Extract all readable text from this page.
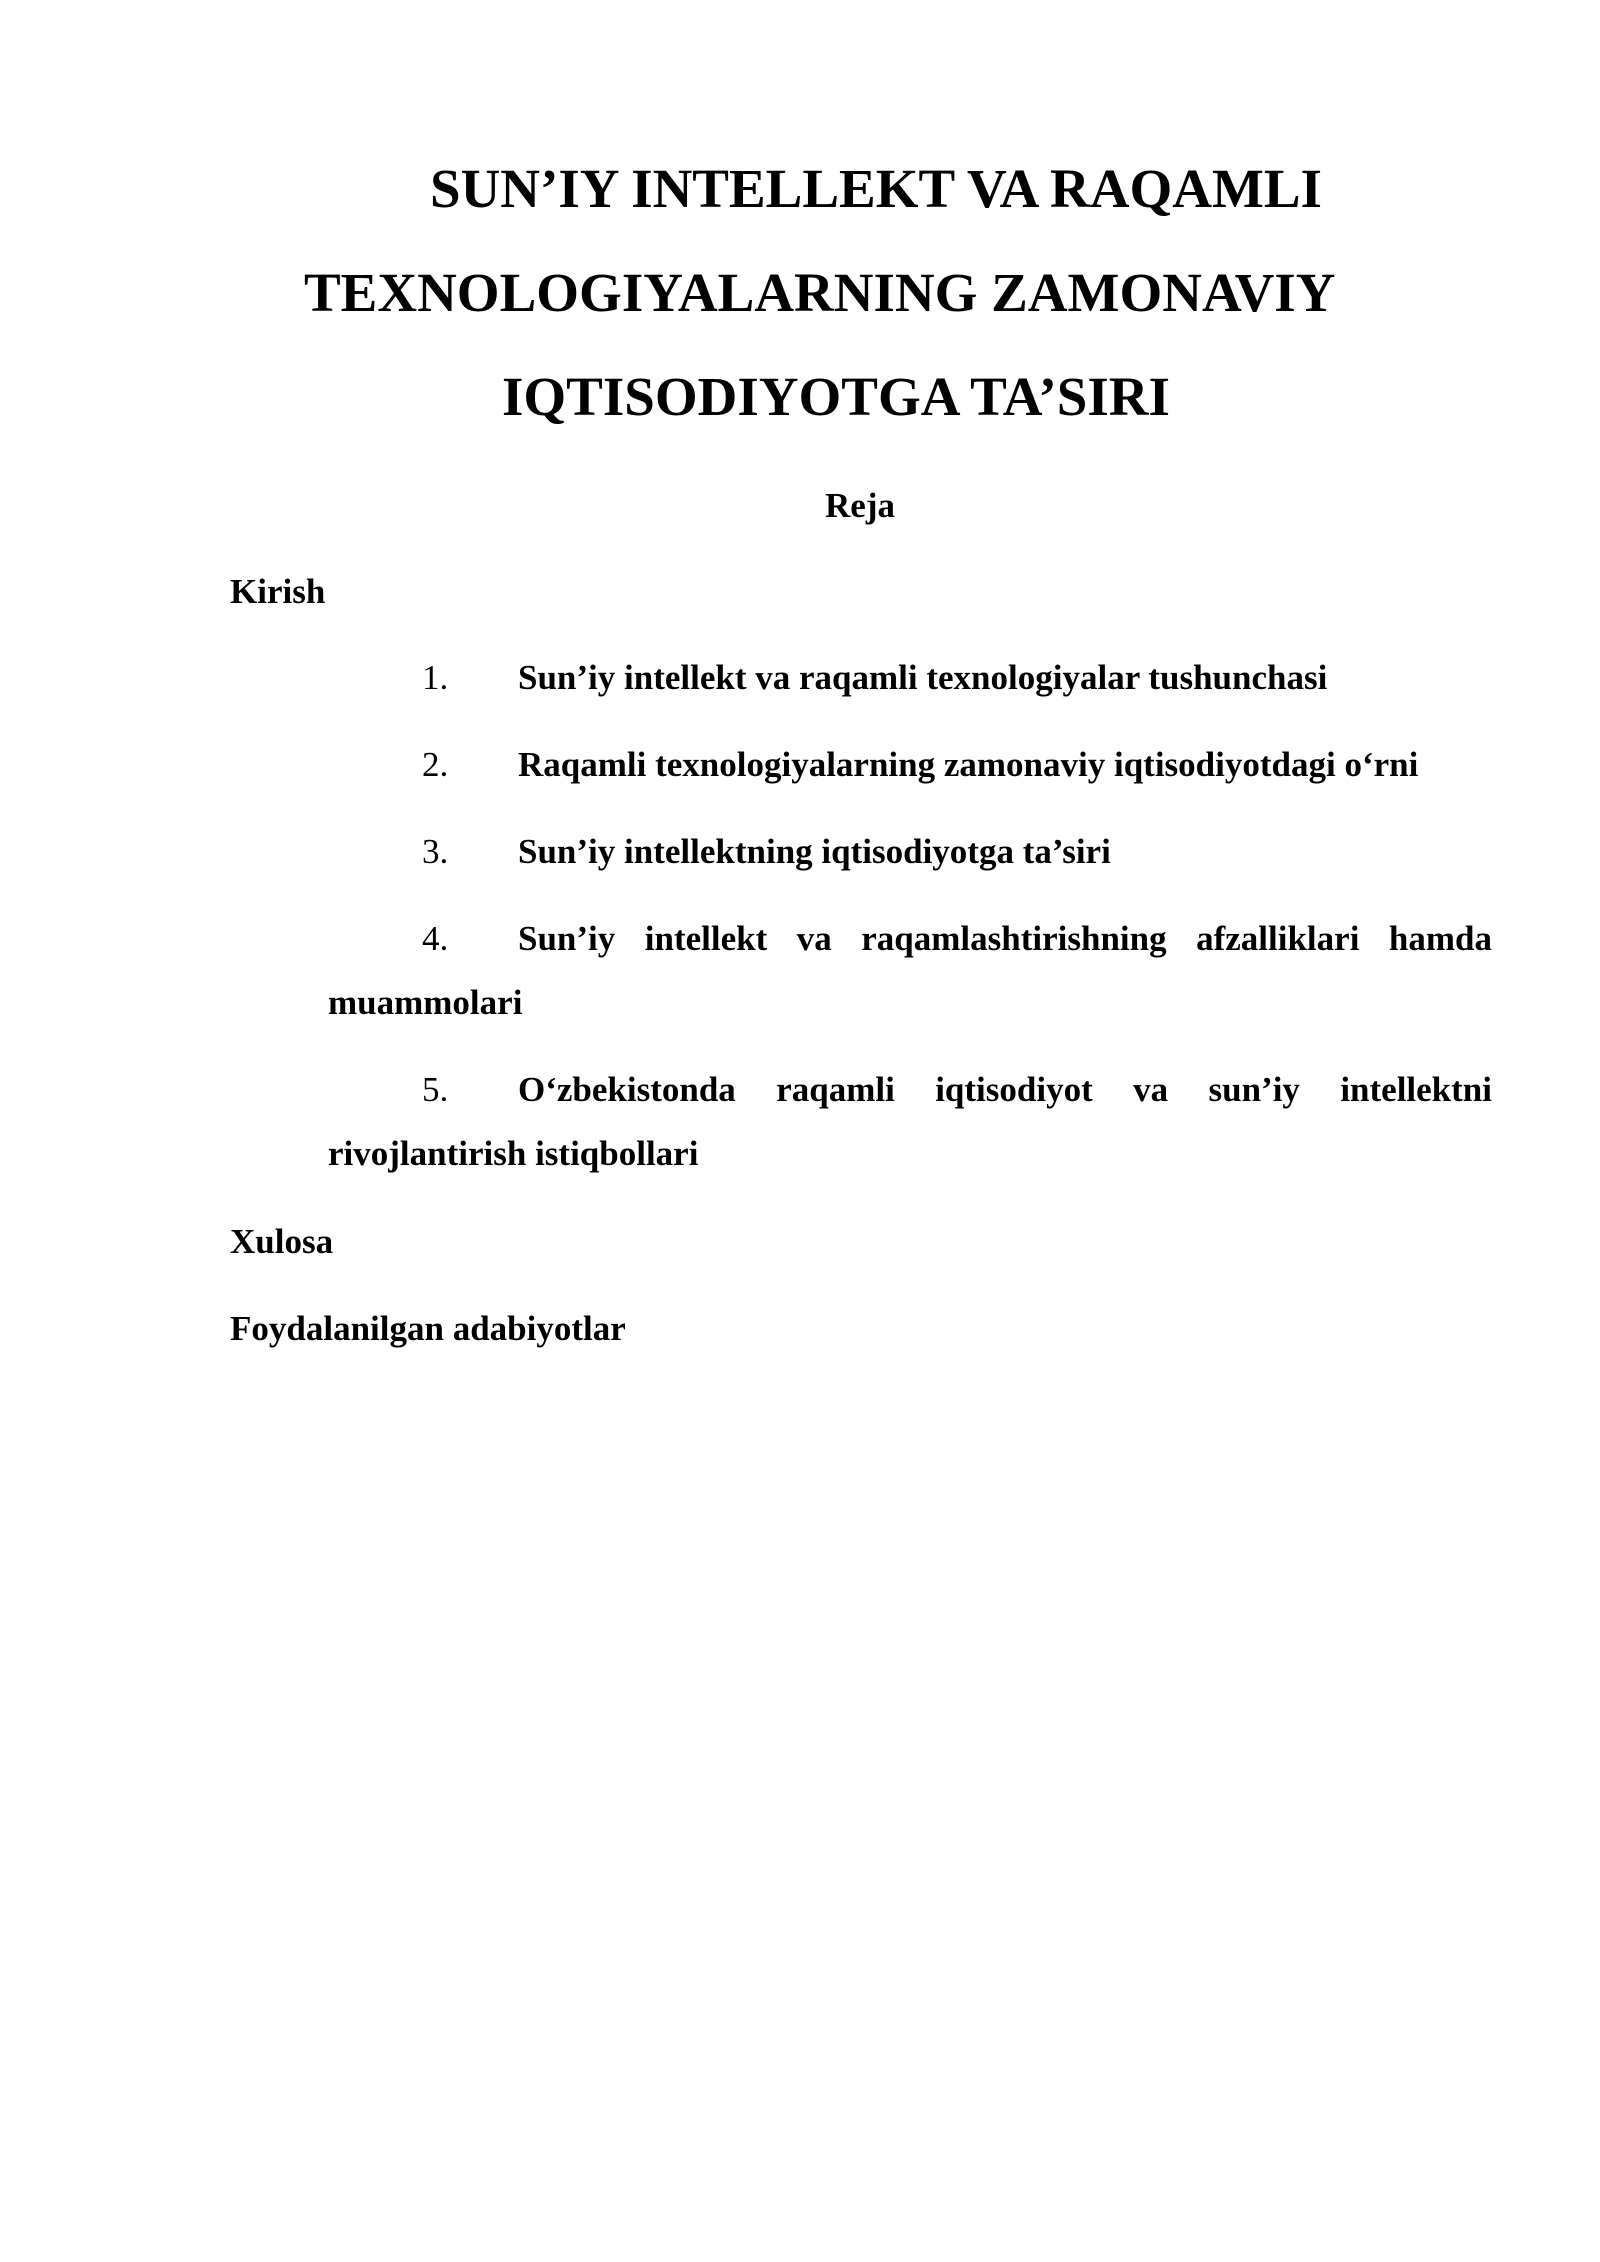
SUN’IY INTELLEKT VA RAQAMLI
TEXNOLOGIYALARNING ZAMONAVIY
IQTISODIYOTGA TA’SIRI
Reja
Kirish
1.	Sun’iy intellekt va raqamli texnologiyalar tushunchasi
2.	Raqamli texnologiyalarning zamonaviy iqtisodiyotdagi o‘rni
3.	Sun’iy intellektning iqtisodiyotga ta’siri
4.	Sun’iy intellekt va raqamlashtirishning afzalliklari hamda
muammolari
5.	O‘zbekistonda raqamli iqtisodiyot va sun’iy intellektni
rivojlantirish istiqbollari
Xulosa
Foydalanilgan adabiyotlar
